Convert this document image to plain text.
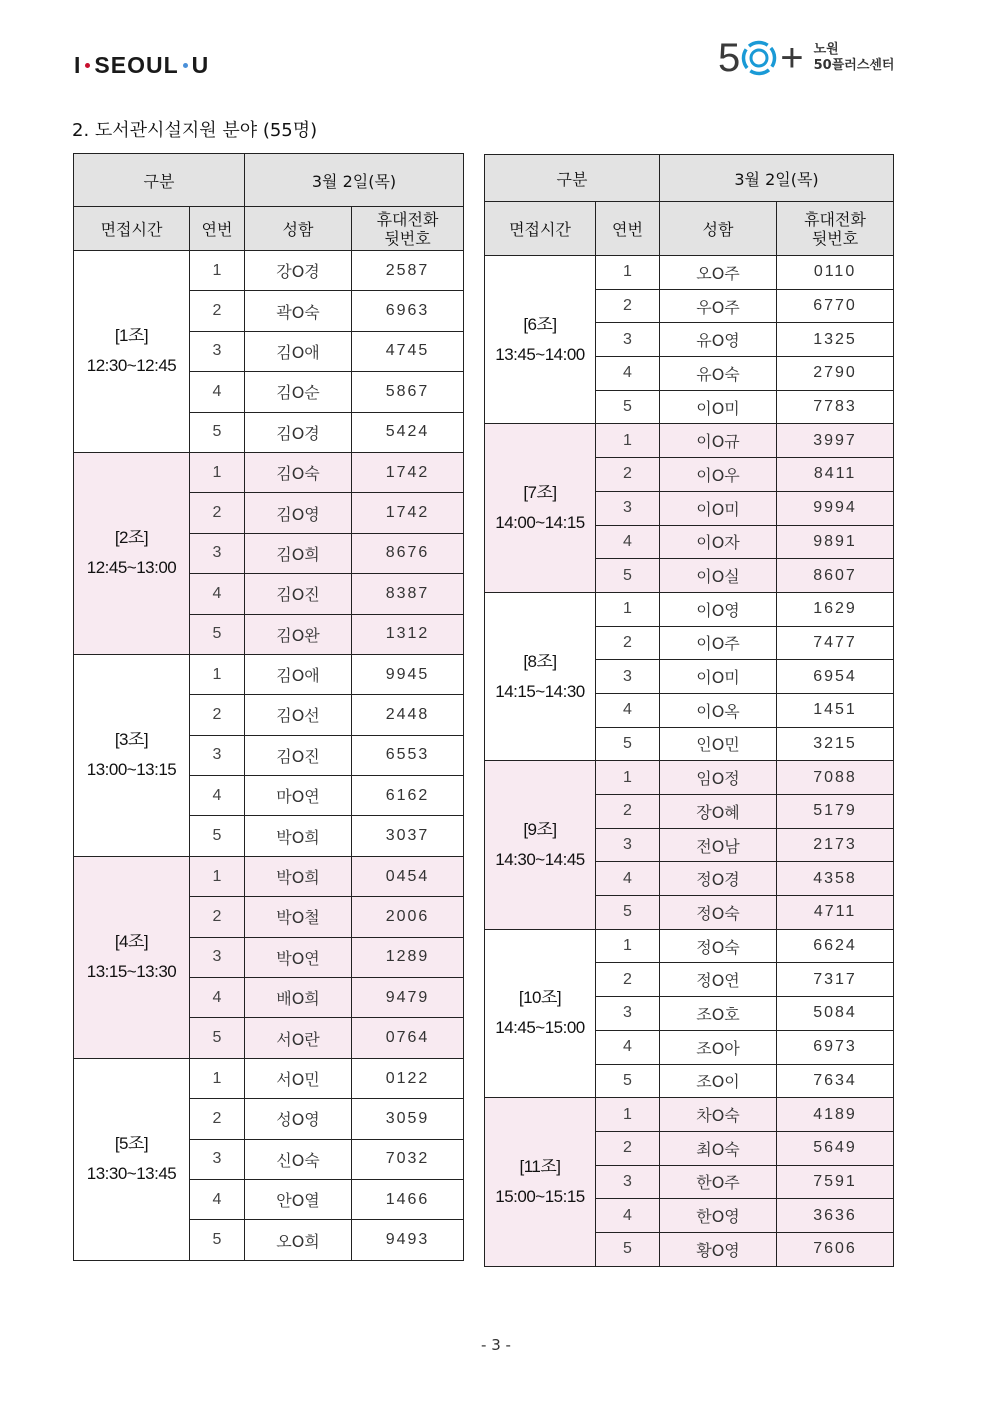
I SEOUL U	5 + 노원
50플러스센터
2. 도서관시설지원 분야 (55명)
구분		3월 2일(목)	
면접시간	연번	성함	휴대전화
뒷번호

[1조]
12:30~12:45	1	강O경	2587
	2	곽O숙	6963
	3	김O애	4745
	4	김O순	5867
	5	김O경	5424

[2조]
12:45~13:00	1	김O숙	1742
	2	김O영	1742
	3	김O희	8676
	4	김O진	8387
	5	김O완	1312

[3조]
13:00~13:15	1	김O애	9945
	2	김O선	2448
	3	김O진	6553
	4	마O연	6162
	5	박O희	3037

[4조]
13:15~13:30	1	박O희	0454
	2	박O철	2006
	3	박O연	1289
	4	배O희	9479
	5	서O란	0764

[5조]
13:30~13:45	1	서O민	0122
	2	성O영	3059
	3	신O숙	7032
	4	안O열	1466
	5	오O희	9493
구분		3월 2일(목)	
면접시간	연번	성함	휴대전화
뒷번호

[6조]
13:45~14:00	1	오O주	0110
	2	우O주	6770
	3	유O영	1325
	4	유O숙	2790
	5	이O미	7783

[7조]
14:00~14:15	1	이O규	3997
	2	이O우	8411
	3	이O미	9994
	4	이O자	9891
	5	이O실	8607

[8조]
14:15~14:30	1	이O영	1629
	2	이O주	7477
	3	이O미	6954
	4	이O옥	1451
	5	인O민	3215

[9조]
14:30~14:45	1	임O정	7088
	2	장O혜	5179
	3	전O남	2173
	4	정O경	4358
	5	정O숙	4711

[10조]
14:45~15:00	1	정O숙	6624
	2	정O연	7317
	3	조O호	5084
	4	조O아	6973
	5	조O이	7634

[11조]
15:00~15:15	1	차O숙	4189
	2	최O숙	5649
	3	한O주	7591
	4	한O영	3636
	5	황O영	7606
- 3 -
